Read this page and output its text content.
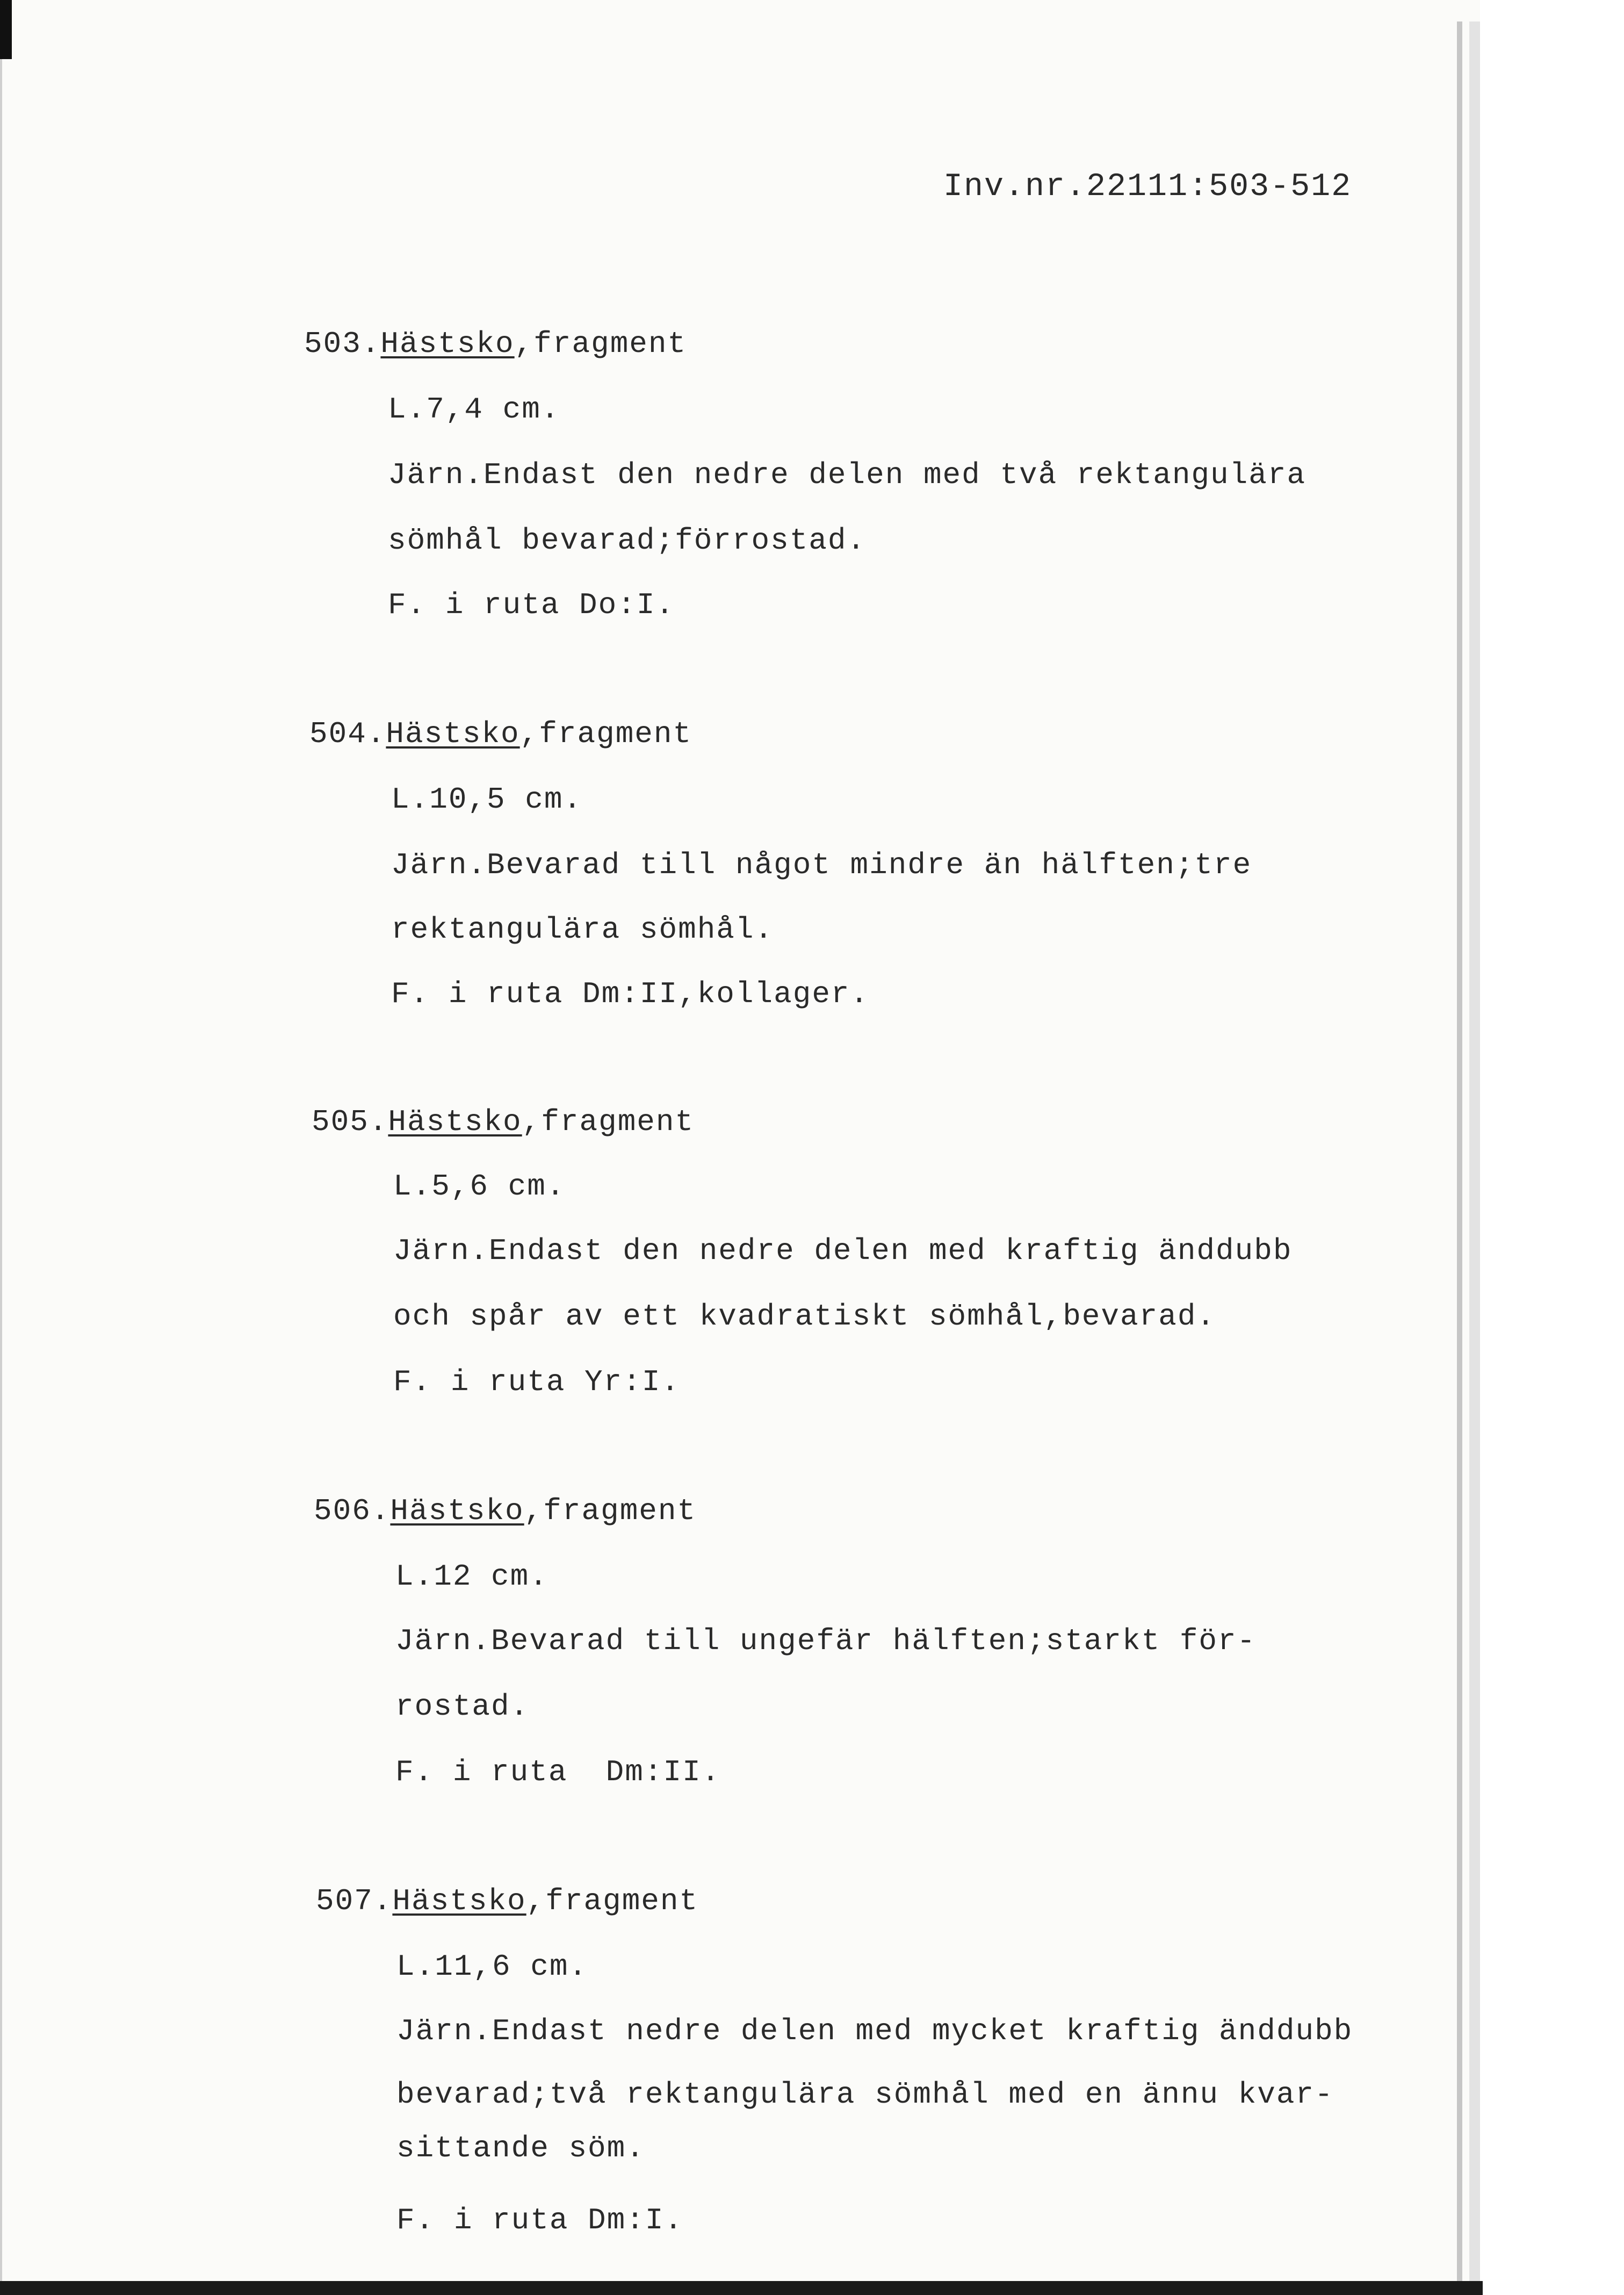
Inv.nr.22111:503-512
503.Hästsko,fragment
L.7,4 cm.
Järn.Endast den nedre delen med två rektangulära
sömhål bevarad;förrostad.
F. i ruta Do:I.
504.Hästsko,fragment
L.10,5 cm.
Järn.Bevarad till något mindre än hälften;tre
rektangulära sömhål.
F. i ruta Dm:II,kollager.
505.Hästsko,fragment
L.5,6 cm.
Järn.Endast den nedre delen med kraftig änddubb
och spår av ett kvadratiskt sömhål,bevarad.
F. i ruta Yr:I.
506.Hästsko,fragment
L.12 cm.
Järn.Bevarad till ungefär hälften;starkt för-
rostad.
F. i ruta  Dm:II.
507.Hästsko,fragment
L.11,6 cm.
Järn.Endast nedre delen med mycket kraftig änddubb
bevarad;två rektangulära sömhål med en ännu kvar-
sittande söm.
F. i ruta Dm:I.
